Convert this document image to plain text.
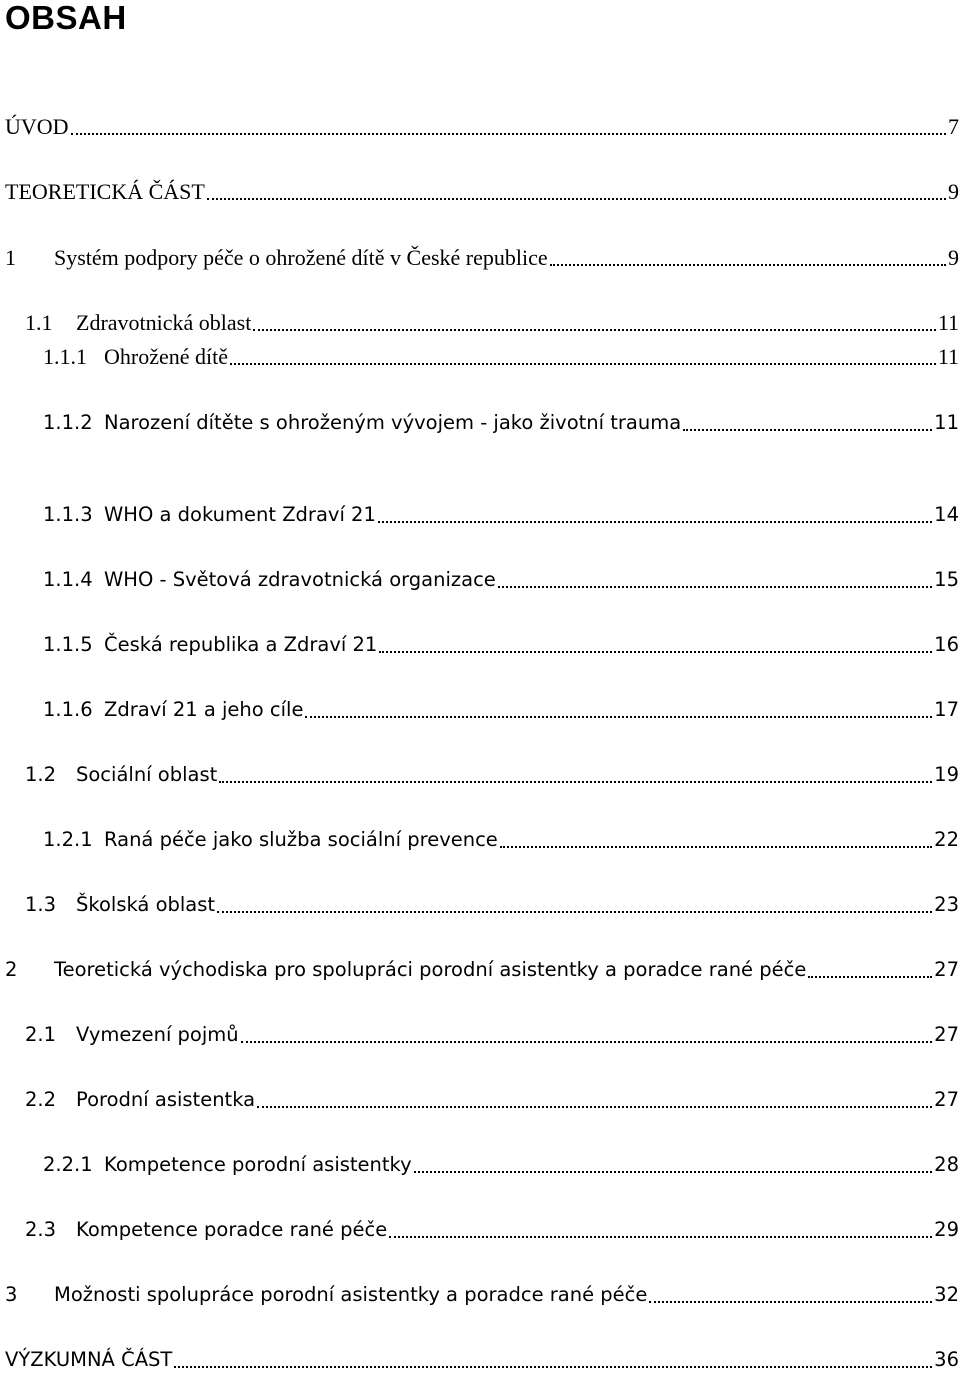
OBSAH
ÚVOD	7
TEORETICKÁ ČÁST	9
1	Systém podpory péče o ohrožené dítě v České republice	9
1.1	Zdravotnická oblast	11
1.1.1 Ohrožené dítě	11
1.1.2 Narození dítěte s ohroženým vývojem - jako životní trauma	11
1.1.3 WHO a dokument Zdraví 21	14
1.1.4 WHO - Světová zdravotnická organizace	15
1.1.5 Česká republika a Zdraví 21	16
1.1.6 Zdraví 21 a jeho cíle	17
1.2	Sociální oblast	19
1.2.1 Raná péče jako služba sociální prevence	22
1.3	Školská oblast	23
2	Teoretická východiska pro spolupráci porodní asistentky a poradce rané péče	27
2.1	Vymezení pojmů	27
2.2	Porodní asistentka	27
2.2.1 Kompetence porodní asistentky	28
2.3	Kompetence poradce rané péče	29
3	Možnosti spolupráce porodní asistentky a poradce rané péče	32
VÝZKUMNÁ ČÁST	36
